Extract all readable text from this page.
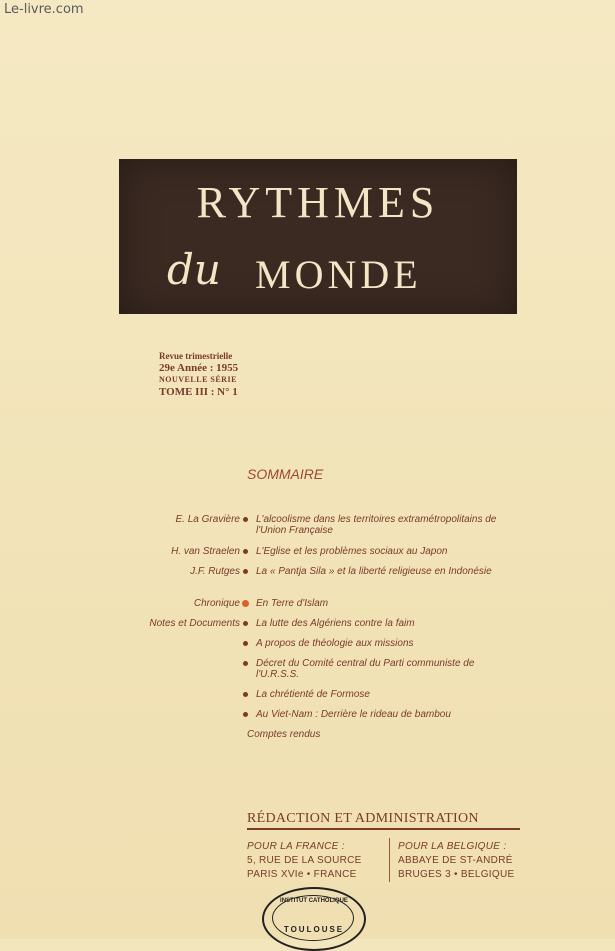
Le-livre.com
RYTHMES
du MONDE
Revue trimestrielle
29e Année : 1955
NOUVELLE SÉRIE
TOME III : N° 1
SOMMAIRE
E. La Gravière L'alcoolisme dans les territoires extramétropolitains de l'Union Française
H. van Straelen L'Eglise et les problèmes sociaux au Japon
J.F. Rutges La « Pantja Sila » et la liberté religieuse en Indonésie
Chronique En Terre d'Islam
Notes et Documents La lutte des Algériens contre la faim
A propos de théologie aux missions
Décret du Comité central du Parti communiste de l'U.R.S.S.
La chrétienté de Formose
Au Viet-Nam : Derrière le rideau de bambou
Comptes rendus
RÉDACTION ET ADMINISTRATION
POUR LA FRANCE :
5, RUE DE LA SOURCE
PARIS XVIe • FRANCE
POUR LA BELGIQUE :
ABBAYE DE ST-ANDRÉ
BRUGES 3 • BELGIQUE
INSTITUT CATHOLIQUE
TOULOUSE
